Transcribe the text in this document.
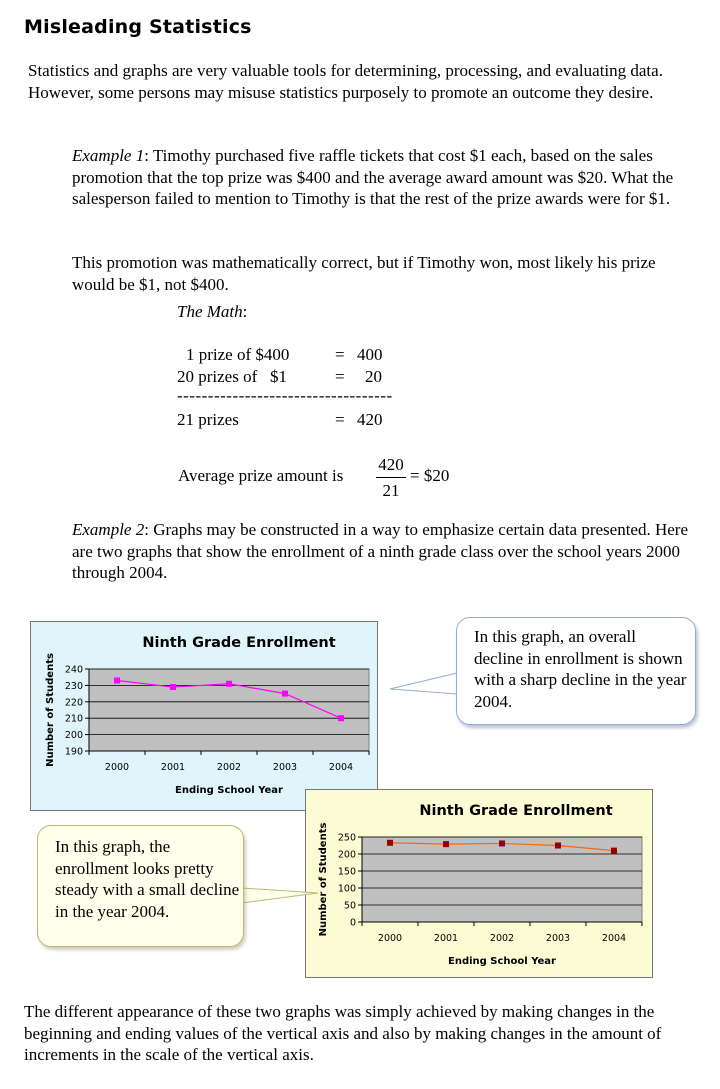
Misleading Statistics
Statistics and graphs are very valuable tools for determining, processing, and evaluating data. However, some persons may misuse statistics purposely to promote an outcome they desire.
Example 1: Timothy purchased five raffle tickets that cost $1 each, based on the sales promotion that the top prize was $400 and the average award amount was $20. What the salesperson failed to mention to Timothy is that the rest of the prize awards were for $1.
This promotion was mathematically correct, but if Timothy won, most likely his prize would be $1, not $400.
The Math:
1 prize of $400	= 400
20 prizes of   $1	= 20
-----------------------------------
21 prizes	= 420
Average prize amount is
420
21
= $20
Example 2: Graphs may be constructed in a way to emphasize certain data presented. Here are two graphs that show the enrollment of a ninth grade class over the school years 2000 through 2004.
Ninth Grade Enrollment
190
200
210
220
230
240
2000	2001	2002	2003	2004
Ending School Year
Number of Students
In this graph, an overall decline in enrollment is shown with a sharp decline in the year 2004.
Ninth Grade Enrollment
0
50
100
150
200
250
2000	2001	2002	2003	2004
Ending School Year
Number of Students
In this graph, the enrollment looks pretty steady with a small decline in the year 2004.
The different appearance of these two graphs was simply achieved by making changes in the beginning and ending values of the vertical axis and also by making changes in the amount of increments in the scale of the vertical axis.
